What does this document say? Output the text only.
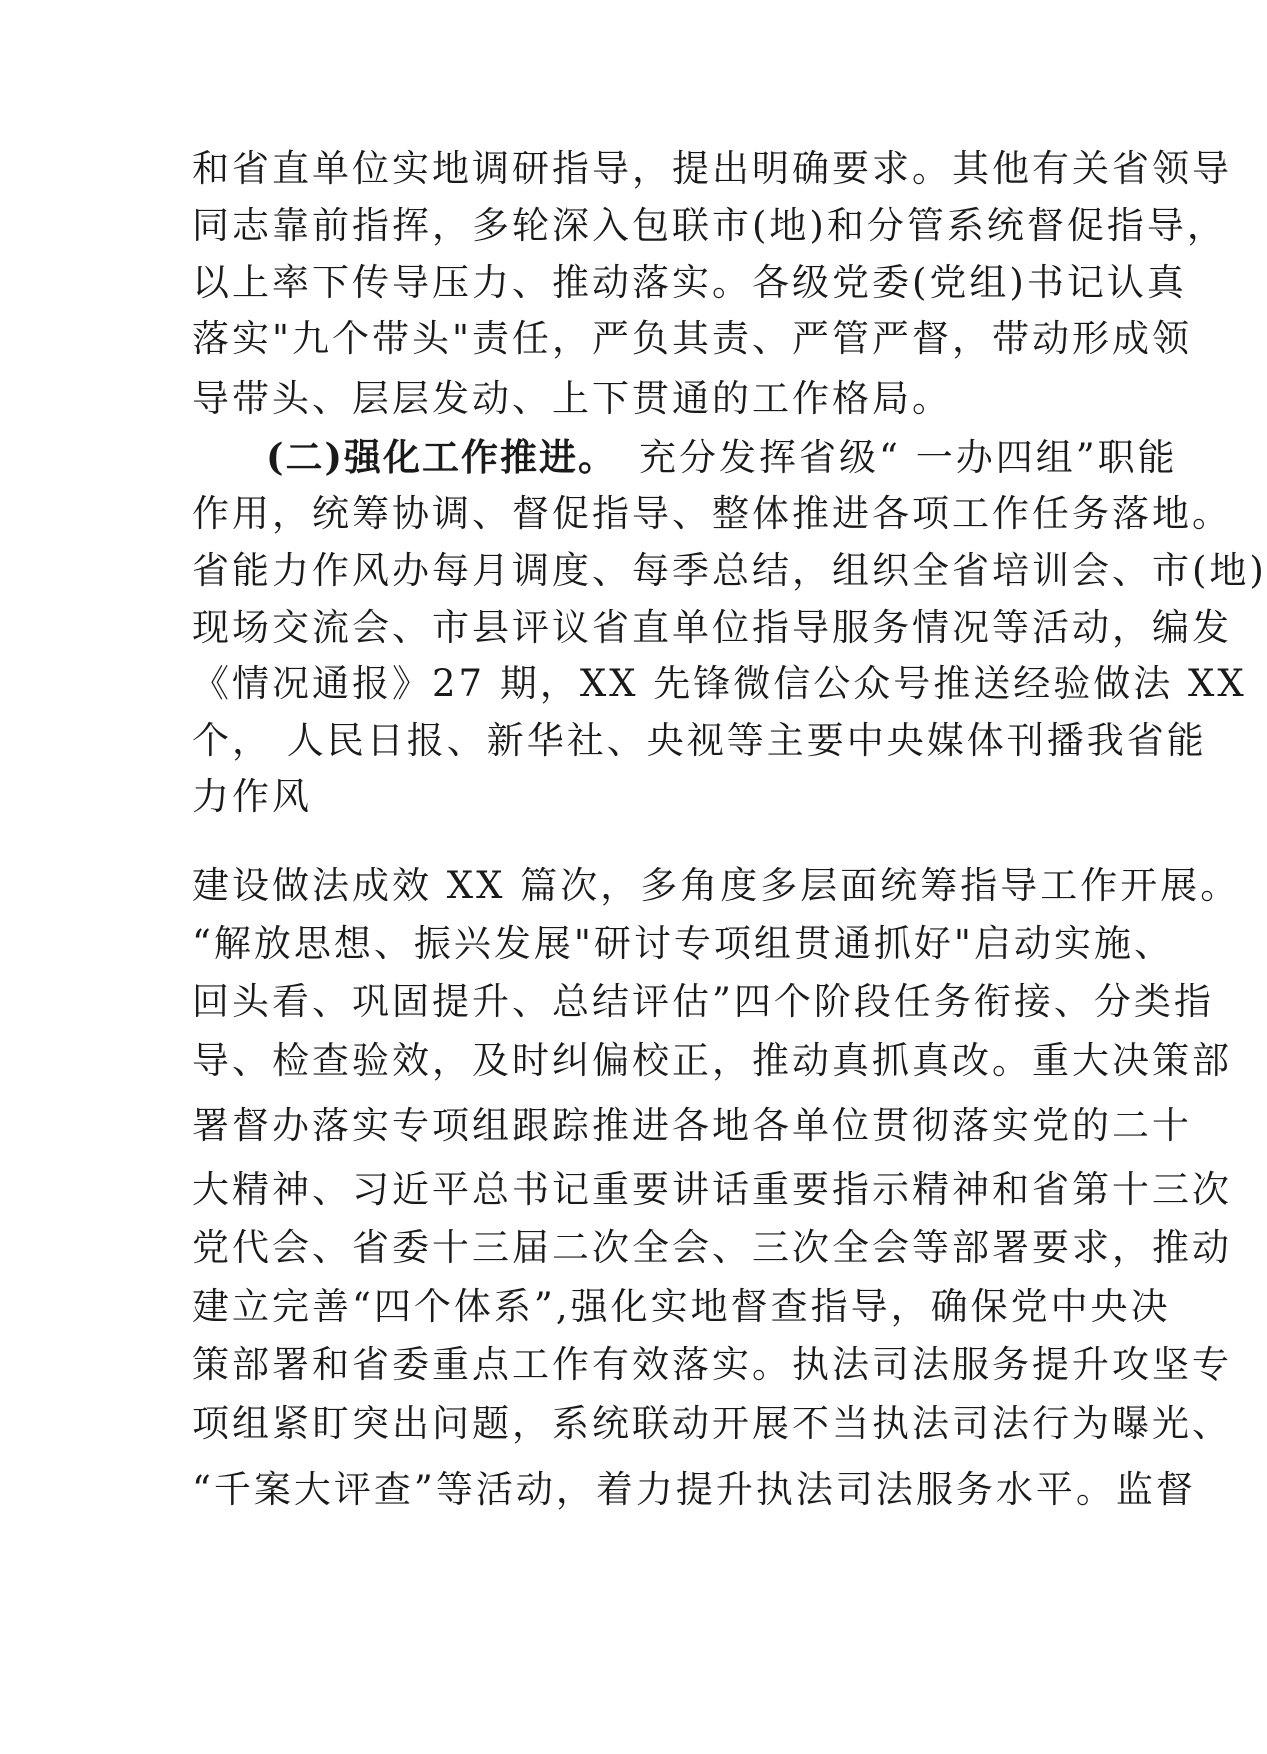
和省直单位实地调研指导，提出明确要求。其他有关省领导
同志靠前指挥，多轮深入包联市(地)和分管系统督促指导，
以上率下传导压力、推动落实。各级党委(党组)书记认真
落实"九个带头"责任，严负其责、严管严督，带动形成领
导带头、层层发动、上下贯通的工作格局。
(二)强化工作推进。 充分发挥省级“ 一办四组”职能
作用，统筹协调、督促指导、整体推进各项工作任务落地。
省能力作风办每月调度、每季总结，组织全省培训会、市(地)
现场交流会、市县评议省直单位指导服务情况等活动，编发
《情况通报》27 期，XX 先锋微信公众号推送经验做法 XX
个， 人民日报、新华社、央视等主要中央媒体刊播我省能
力作风
建设做法成效 XX 篇次，多角度多层面统筹指导工作开展。
“解放思想、振兴发展"研讨专项组贯通抓好"启动实施、
回头看、巩固提升、总结评估”四个阶段任务衔接、分类指
导、检查验效，及时纠偏校正，推动真抓真改。重大决策部
署督办落实专项组跟踪推进各地各单位贯彻落实党的二十
大精神、习近平总书记重要讲话重要指示精神和省第十三次
党代会、省委十三届二次全会、三次全会等部署要求，推动
建立完善“四个体系”,强化实地督查指导，确保党中央决
策部署和省委重点工作有效落实。执法司法服务提升攻坚专
项组紧盯突出问题，系统联动开展不当执法司法行为曝光、
“千案大评查”等活动，着力提升执法司法服务水平。监督
